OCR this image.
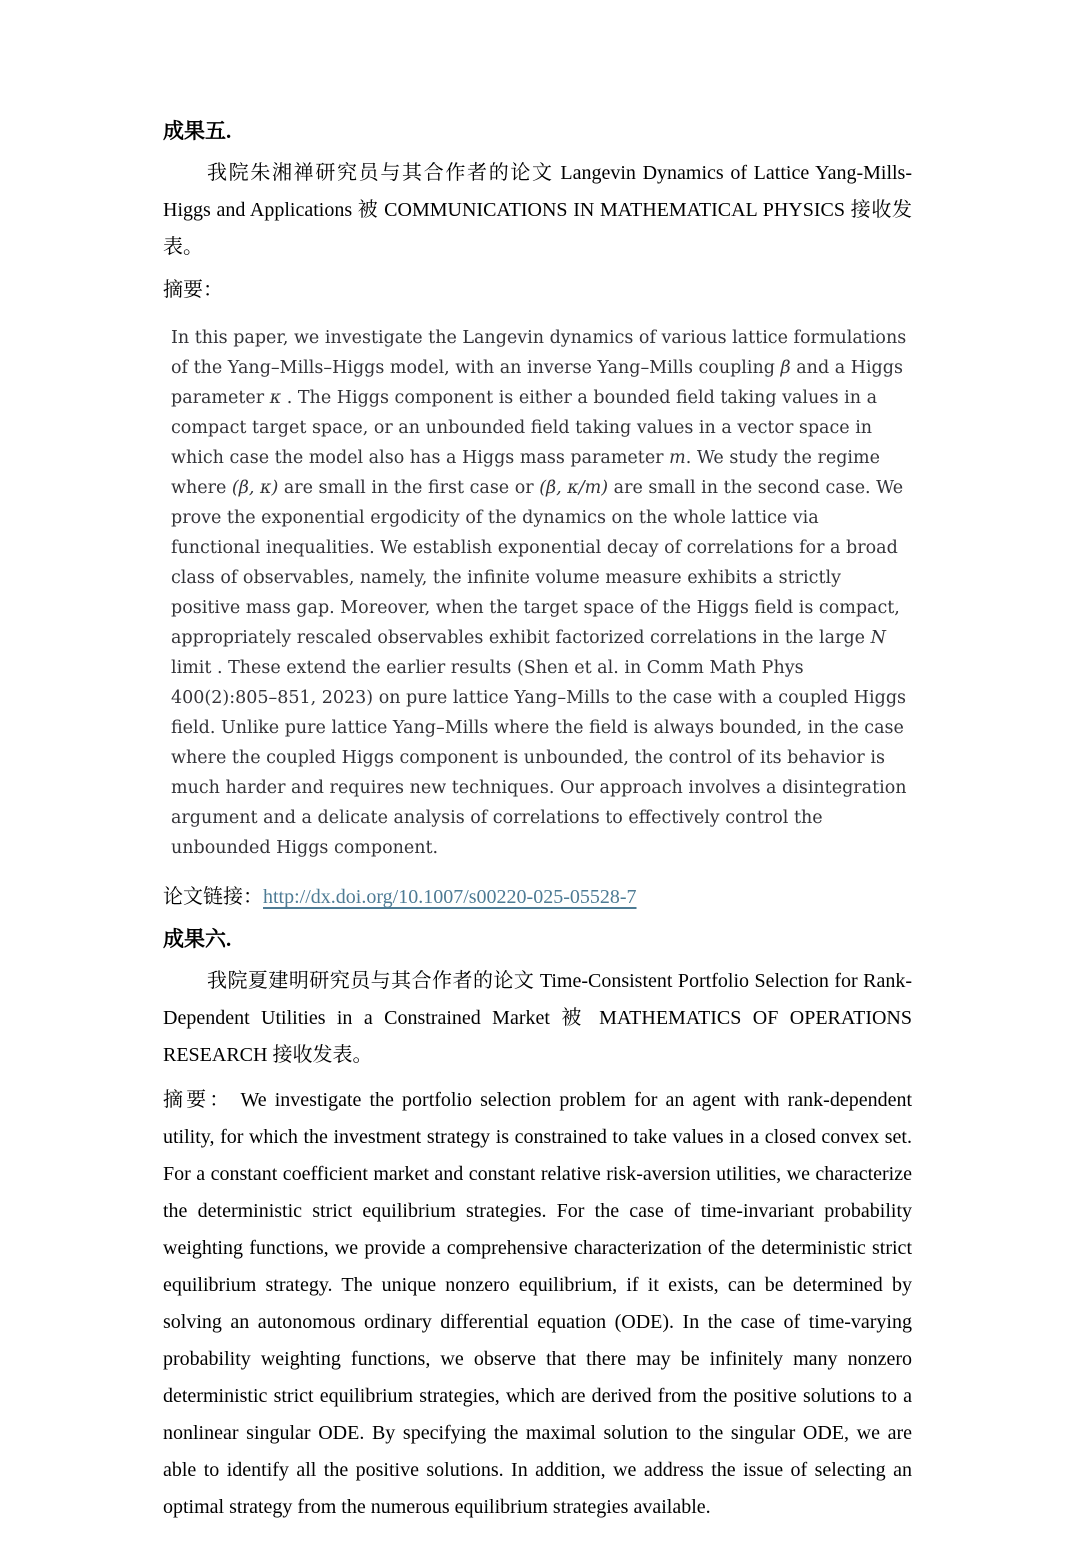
成果五.

我院朱湘禅研究员与其合作者的论文 Langevin Dynamics of Lattice Yang-Mills-Higgs and Applications 被 COMMUNICATIONS IN MATHEMATICAL PHYSICS 接收发表。

摘要：

In this paper, we investigate the Langevin dynamics of various lattice formulations of the Yang–Mills–Higgs model, with an inverse Yang–Mills coupling β and a Higgs parameter κ . The Higgs component is either a bounded field taking values in a compact target space, or an unbounded field taking values in a vector space in which case the model also has a Higgs mass parameter m. We study the regime where (β, κ) are small in the first case or (β, κ/m) are small in the second case. We prove the exponential ergodicity of the dynamics on the whole lattice via functional inequalities. We establish exponential decay of correlations for a broad class of observables, namely, the infinite volume measure exhibits a strictly positive mass gap. Moreover, when the target space of the Higgs field is compact, appropriately rescaled observables exhibit factorized correlations in the large N limit . These extend the earlier results (Shen et al. in Comm Math Phys 400(2):805–851, 2023) on pure lattice Yang–Mills to the case with a coupled Higgs field. Unlike pure lattice Yang–Mills where the field is always bounded, in the case where the coupled Higgs component is unbounded, the control of its behavior is much harder and requires new techniques. Our approach involves a disintegration argument and a delicate analysis of correlations to effectively control the unbounded Higgs component.

论文链接：http://dx.doi.org/10.1007/s00220-025-05528-7

成果六.

我院夏建明研究员与其合作者的论文 Time-Consistent Portfolio Selection for Rank-Dependent Utilities in a Constrained Market 被 MATHEMATICS OF OPERATIONS RESEARCH 接收发表。

摘要： We investigate the portfolio selection problem for an agent with rank-dependent utility, for which the investment strategy is constrained to take values in a closed convex set. For a constant coefficient market and constant relative risk-aversion utilities, we characterize the deterministic strict equilibrium strategies. For the case of time-invariant probability weighting functions, we provide a comprehensive characterization of the deterministic strict equilibrium strategy. The unique nonzero equilibrium, if it exists, can be determined by solving an autonomous ordinary differential equation (ODE). In the case of time-varying probability weighting functions, we observe that there may be infinitely many nonzero deterministic strict equilibrium strategies, which are derived from the positive solutions to a nonlinear singular ODE. By specifying the maximal solution to the singular ODE, we are able to identify all the positive solutions. In addition, we address the issue of selecting an optimal strategy from the numerous equilibrium strategies available.
